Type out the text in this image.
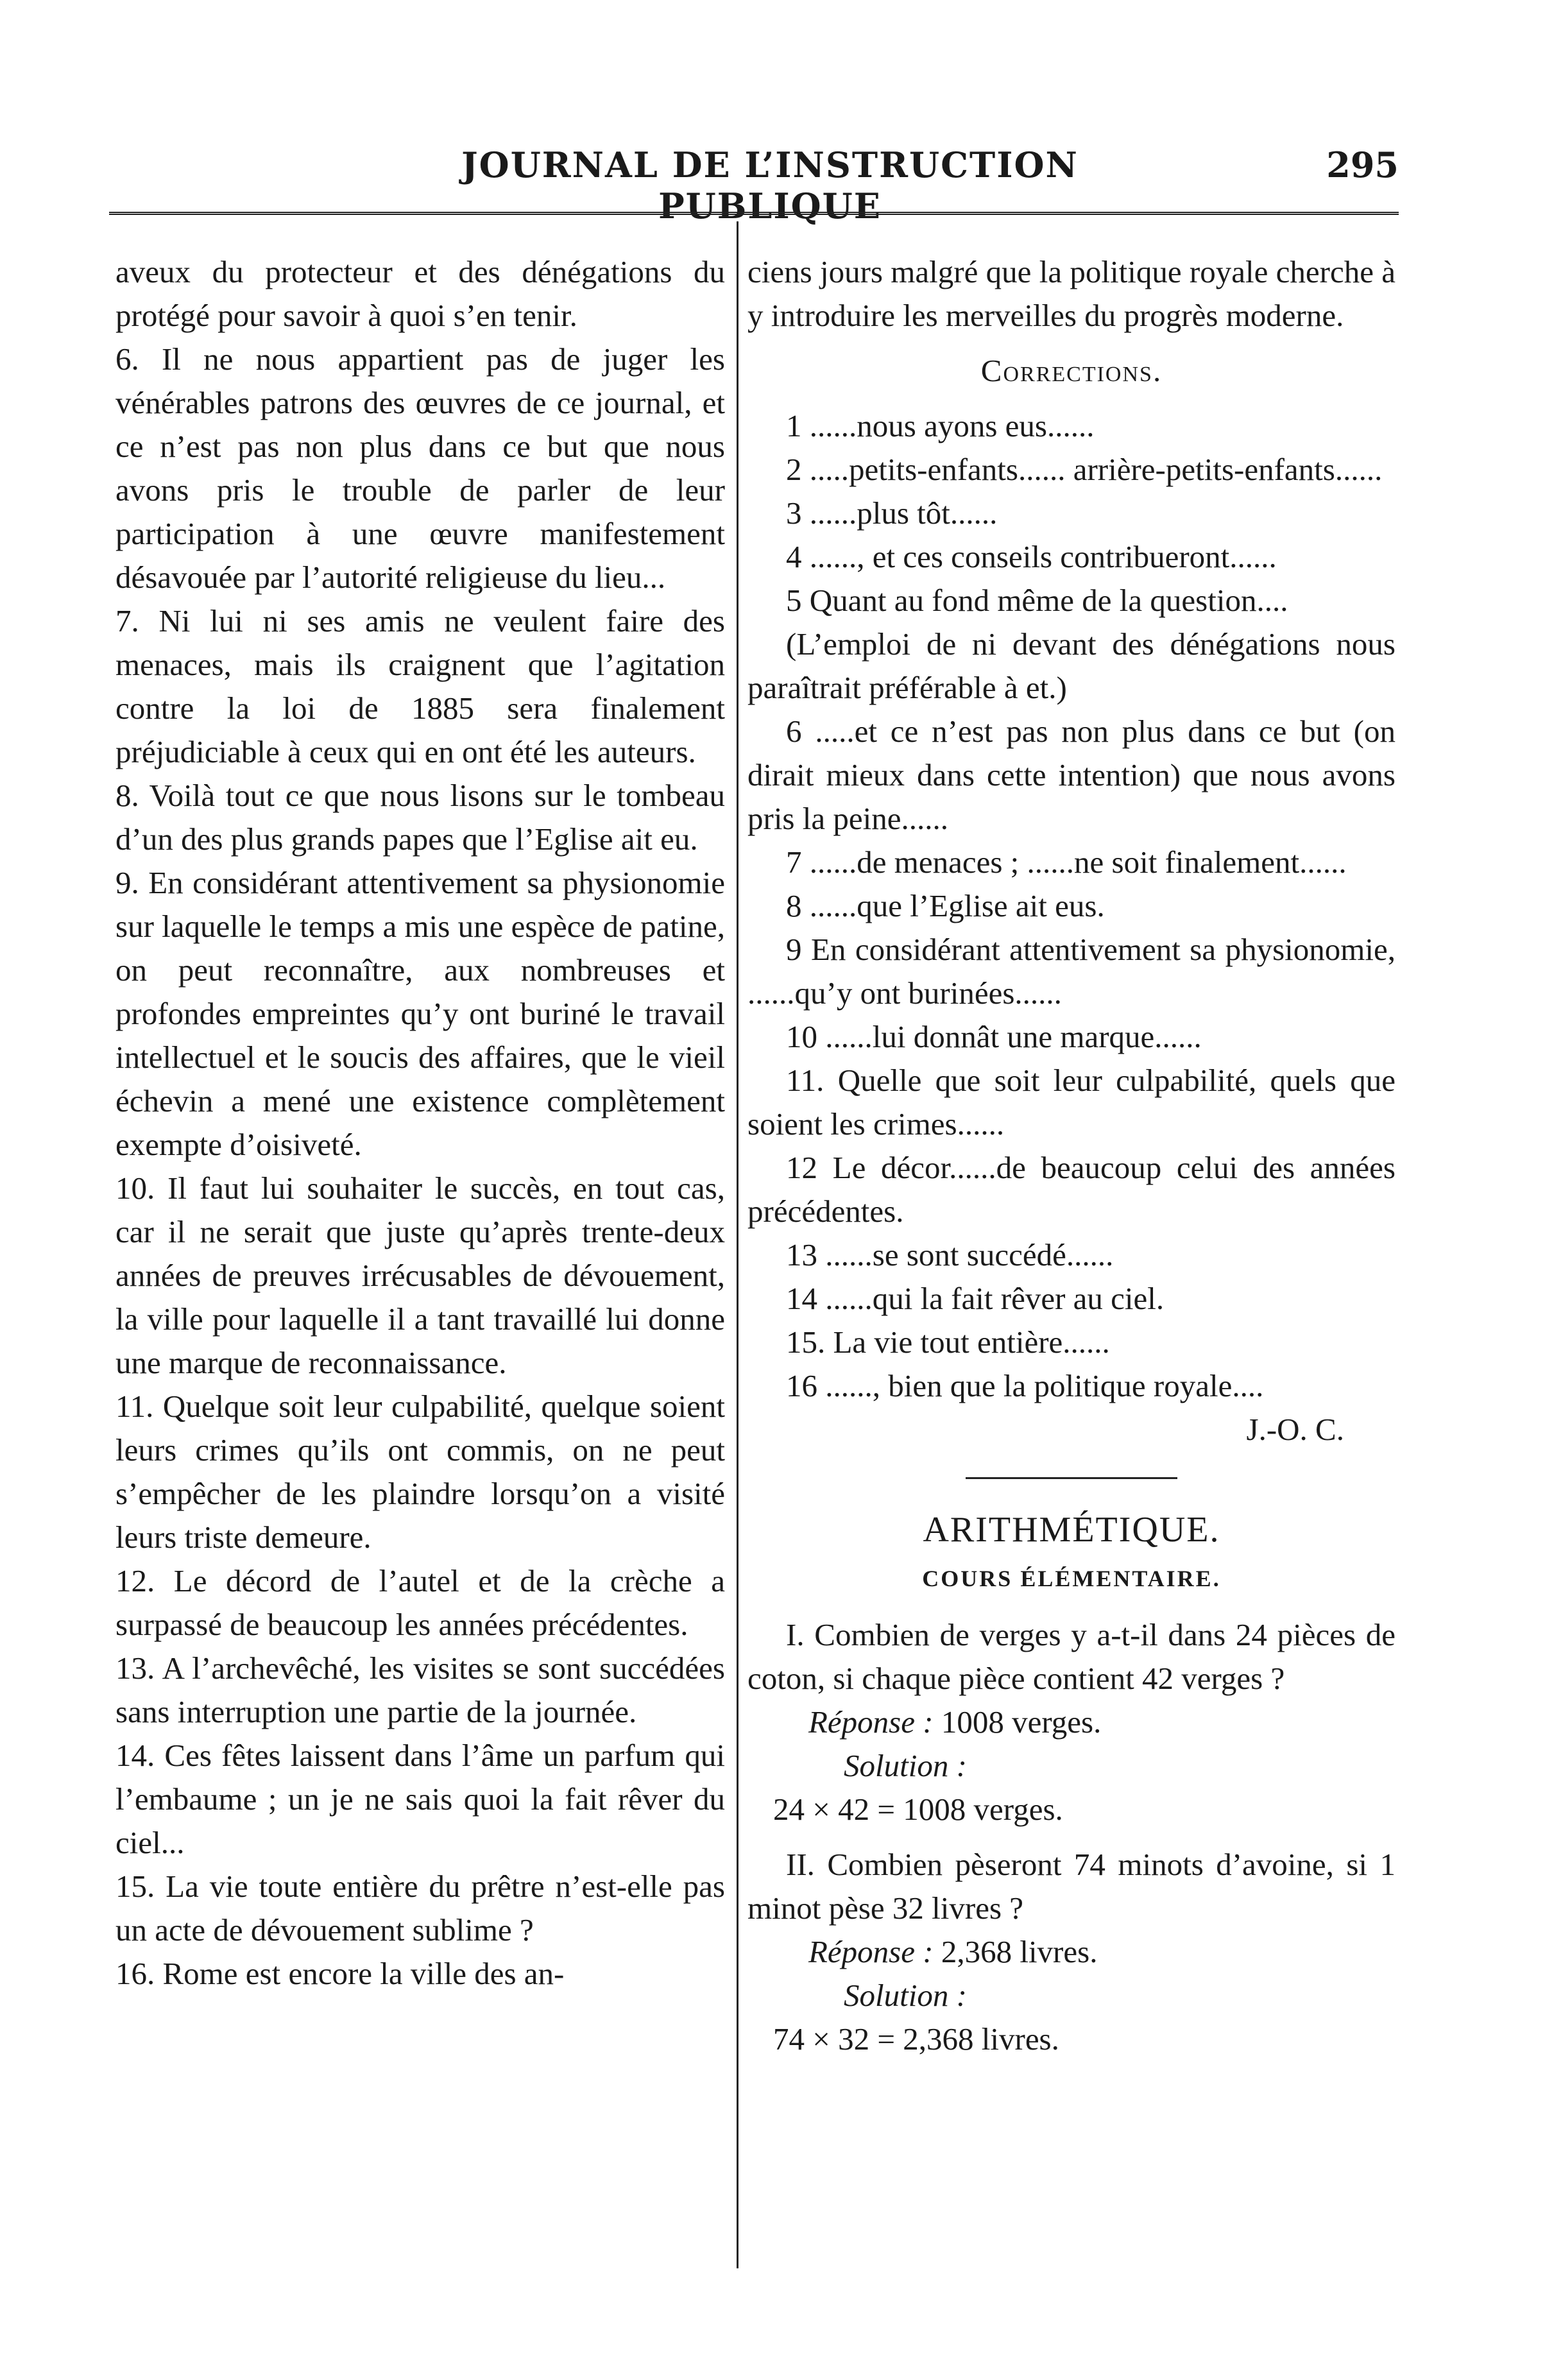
JOURNAL DE L’INSTRUCTION PUBLIQUE
295

aveux du protecteur et des dénégations du protégé pour savoir à quoi s’en tenir.

6. Il ne nous appartient pas de juger les vénérables patrons des œuvres de ce journal, et ce n’est pas non plus dans ce but que nous avons pris le trouble de parler de leur participation à une œuvre manifestement désavouée par l’autorité religieuse du lieu...

7. Ni lui ni ses amis ne veulent faire des menaces, mais ils craignent que l’agitation contre la loi de 1885 sera finalement préjudiciable à ceux qui en ont été les auteurs.

8. Voilà tout ce que nous lisons sur le tombeau d’un des plus grands papes que l’Eglise ait eu.

9. En considérant attentivement sa physionomie sur laquelle le temps a mis une espèce de patine, on peut reconnaître, aux nombreuses et profondes empreintes qu’y ont buriné le travail intellectuel et le soucis des affaires, que le vieil échevin a mené une existence complètement exempte d’oisiveté.

10. Il faut lui souhaiter le succès, en tout cas, car il ne serait que juste qu’après trente-deux années de preuves irrécusables de dévouement, la ville pour laquelle il a tant travaillé lui donne une marque de reconnaissance.

11. Quelque soit leur culpabilité, quelque soient leurs crimes qu’ils ont commis, on ne peut s’empêcher de les plaindre lorsqu’on a visité leurs triste demeure.

12. Le décord de l’autel et de la crèche a surpassé de beaucoup les années précédentes.

13. A l’archevêché, les visites se sont succédées sans interruption une partie de la journée.

14. Ces fêtes laissent dans l’âme un parfum qui l’embaume ; un je ne sais quoi la fait rêver du ciel...

15. La vie toute entière du prêtre n’est-elle pas un acte de dévouement sublime ?

16. Rome est encore la ville des an-

ciens jours malgré que la politique royale cherche à y introduire les merveilles du progrès moderne.

Corrections.

1 ......nous ayons eus......

2 .....petits-enfants...... arrière-petits-enfants......

3 ......plus tôt......

4 ......, et ces conseils contribueront......

5 Quant au fond même de la question....

(L’emploi de ni devant des dénégations nous paraîtrait préférable à et.)

6 .....et ce n’est pas non plus dans ce but (on dirait mieux dans cette intention) que nous avons pris la peine......

7 ......de menaces ; ......ne soit finalement......

8 ......que l’Eglise ait eus.

9 En considérant attentivement sa physionomie, ......qu’y ont burinées......

10 ......lui donnât une marque......

11. Quelle que soit leur culpabilité, quels que soient les crimes......

12 Le décor......de beaucoup celui des années précédentes.

13 ......se sont succédé......

14 ......qui la fait rêver au ciel.

15. La vie tout entière......

16 ......, bien que la politique royale....

J.-O. C.
ARITHMÉTIQUE.
COURS ÉLÉMENTAIRE.

I. Combien de verges y a-t-il dans 24 pièces de coton, si chaque pièce contient 42 verges ?

Réponse : 1008 verges.
Solution :
24 × 42 = 1008 verges.

II. Combien pèseront 74 minots d’avoine, si 1 minot pèse 32 livres ?

Réponse : 2,368 livres.
Solution :
74 × 32 = 2,368 livres.
